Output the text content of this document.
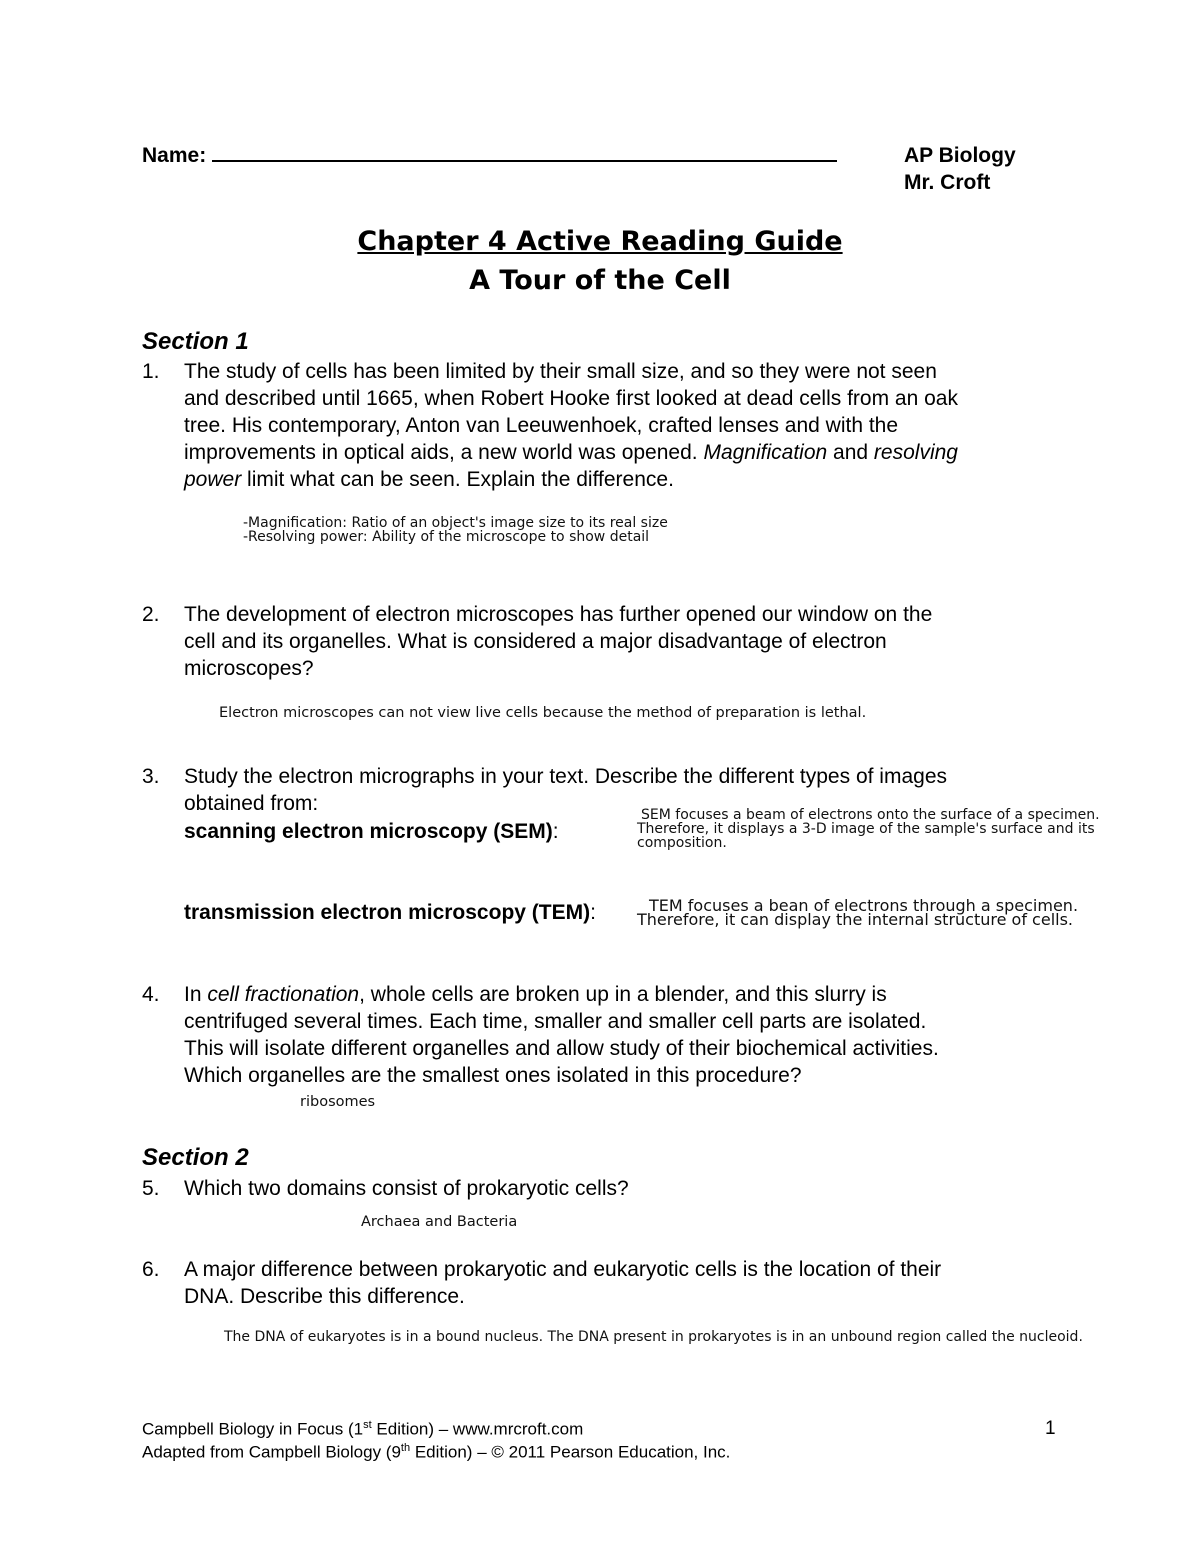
Name:	AP Biology
Mr. Croft
Chapter 4 Active Reading Guide
A Tour of the Cell
Section 1
1. The study of cells has been limited by their small size, and so they were not seen
and described until 1665, when Robert Hooke first looked at dead cells from an oak
tree. His contemporary, Anton van Leeuwenhoek, crafted lenses and with the
improvements in optical aids, a new world was opened. Magnification and resolving
power limit what can be seen. Explain the difference.
-Magnification: Ratio of an object's image size to its real size
-Resolving power: Ability of the microscope to show detail
2. The development of electron microscopes has further opened our window on the
cell and its organelles. What is considered a major disadvantage of electron
microscopes?
Electron microscopes can not view live cells because the method of preparation is lethal.
3. Study the electron micrographs in your text. Describe the different types of images
obtained from:
scanning electron microscopy (SEM):
SEM focuses a beam of electrons onto the surface of a specimen.
Therefore, it displays a 3-D image of the sample's surface and its
composition.
transmission electron microscopy (TEM):	TEM focuses a bean of electrons through a specimen.
Therefore, it can display the internal structure of cells.
4. In cell fractionation, whole cells are broken up in a blender, and this slurry is
centrifuged several times. Each time, smaller and smaller cell parts are isolated.
This will isolate different organelles and allow study of their biochemical activities.
Which organelles are the smallest ones isolated in this procedure?
ribosomes
Section 2
5. Which two domains consist of prokaryotic cells?
Archaea and Bacteria
6. A major difference between prokaryotic and eukaryotic cells is the location of their
DNA. Describe this difference.
The DNA of eukaryotes is in a bound nucleus. The DNA present in prokaryotes is in an unbound region called the nucleoid.
Campbell Biology in Focus (1st Edition) – www.mrcroft.com
Adapted from Campbell Biology (9th Edition) – © 2011 Pearson Education, Inc.
1
